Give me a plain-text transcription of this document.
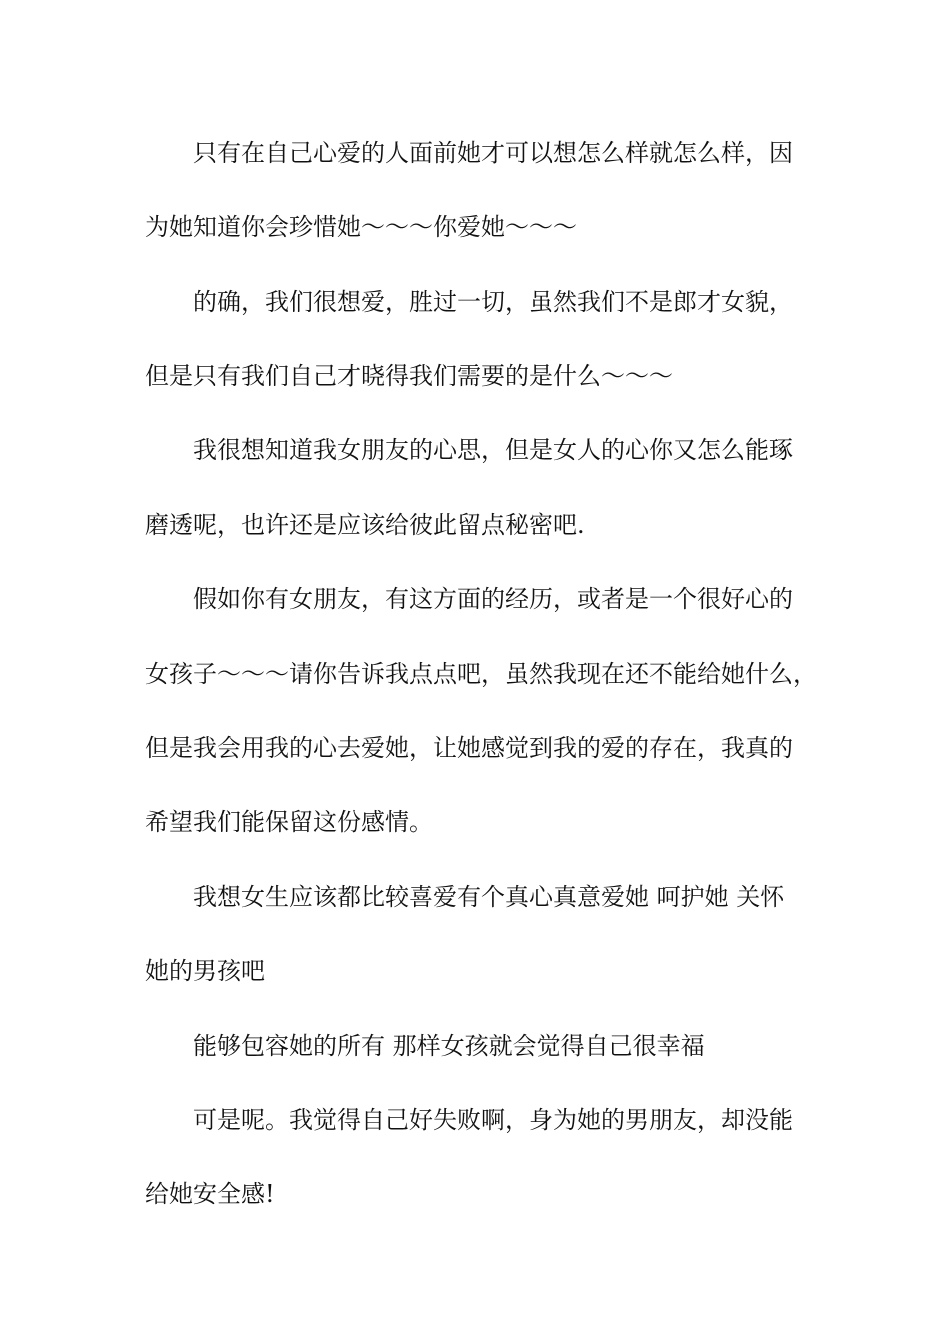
只有在自己心爱的人面前她才可以想怎么样就怎么样，因
为她知道你会珍惜她～～～你爱她～～～
的确，我们很想爱，胜过一切，虽然我们不是郎才女貌，
但是只有我们自己才晓得我们需要的是什么～～～
我很想知道我女朋友的心思，但是女人的心你又怎么能琢
磨透呢，也许还是应该给彼此留点秘密吧.
假如你有女朋友，有这方面的经历，或者是一个很好心的
女孩子～～～请你告诉我点点吧，虽然我现在还不能给她什么，
但是我会用我的心去爱她，让她感觉到我的爱的存在，我真的
希望我们能保留这份感情。
我想女生应该都比较喜爱有个真心真意爱她 呵护她 关怀
她的男孩吧
能够包容她的所有 那样女孩就会觉得自己很幸福
可是呢。我觉得自己好失败啊，身为她的男朋友，却没能
给她安全感!
